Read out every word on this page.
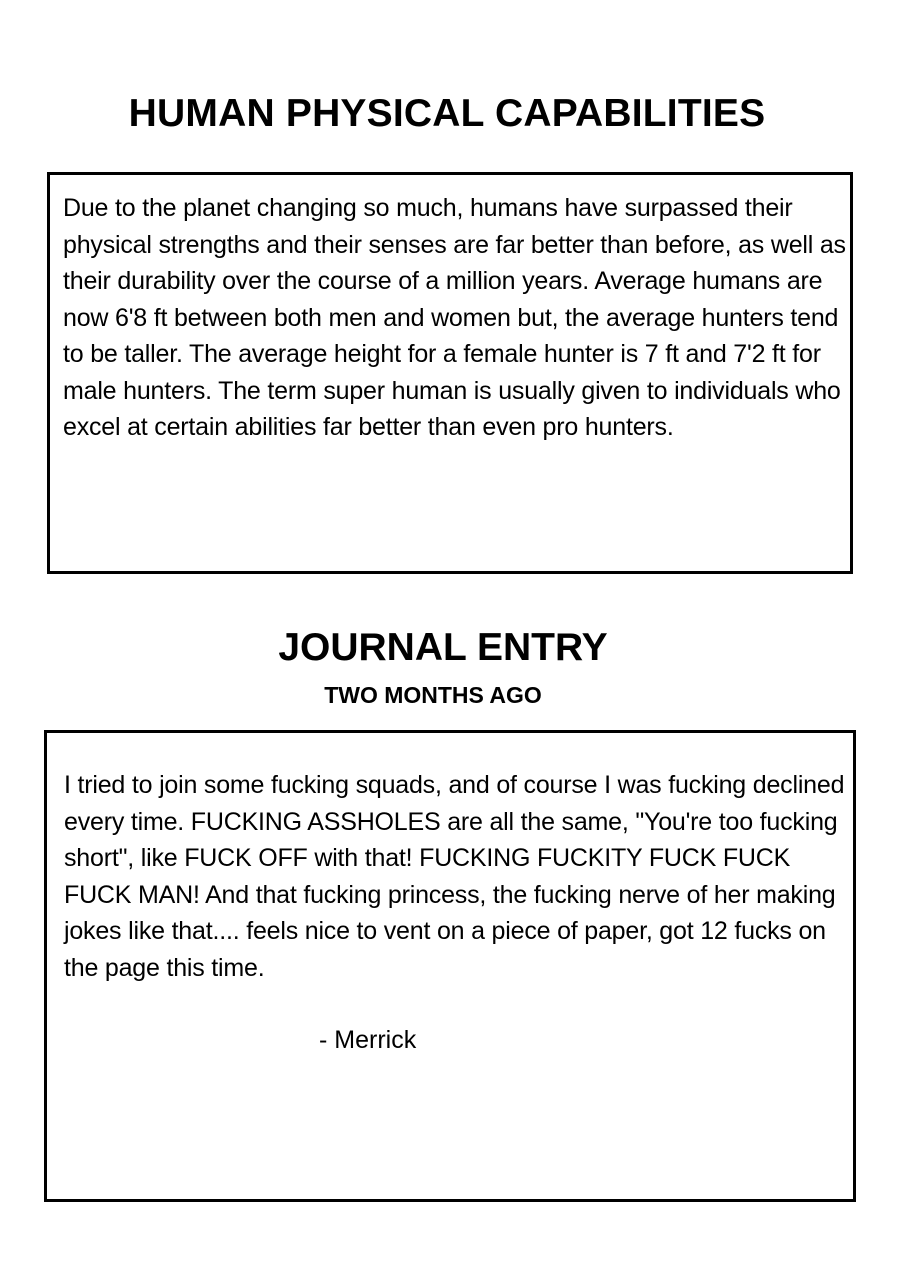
HUMAN PHYSICAL CAPABILITIES

Due to the planet changing so much, humans have surpassed their physical strengths and their senses are far better than before, as well as their durability over the course of a million years. Average humans are now 6'8 ft between both men and women but, the average hunters tend to be taller. The average height for a female hunter is 7 ft and 7'2 ft for male hunters. The term super human is usually given to individuals who excel at certain abilities far better than even pro hunters.

JOURNAL ENTRY
TWO MONTHS AGO

I tried to join some fucking squads, and of course I was fucking declined every time. FUCKING ASSHOLES are all the same, "You're too fucking short", like FUCK OFF with that! FUCKING FUCKITY FUCK FUCK FUCK MAN! And that fucking princess, the fucking nerve of her making jokes like that.... feels nice to vent on a piece of paper, got 12 fucks on the page this time.

- Merrick
